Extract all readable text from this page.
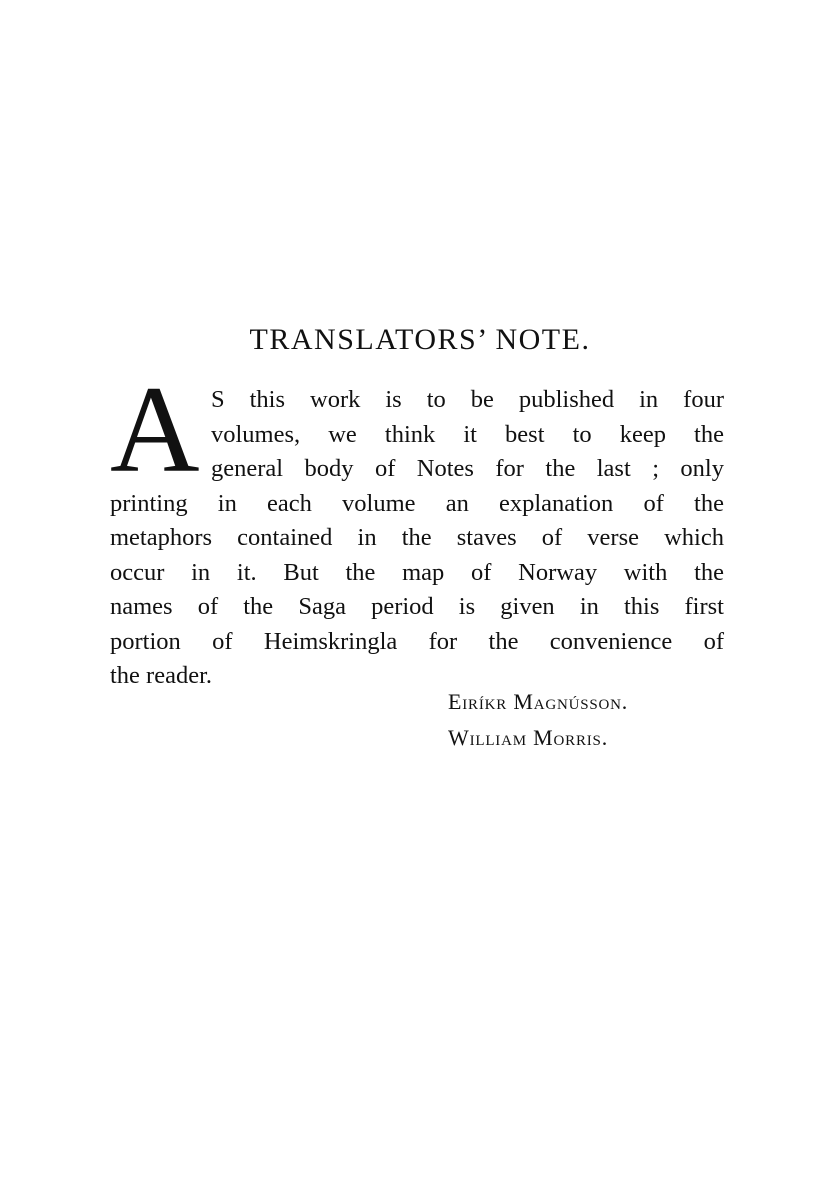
TRANSLATORS’ NOTE.
A S this work is to be published in four
volumes, we think it best to keep the
general body of Notes for the last ; only
printing in each volume an explanation of the
metaphors contained in the staves of verse which
occur in it. But the map of Norway with the
names of the Saga period is given in this first
portion of Heimskringla for the convenience of
the reader.
Eiríkr Magnússon.
William Morris.
